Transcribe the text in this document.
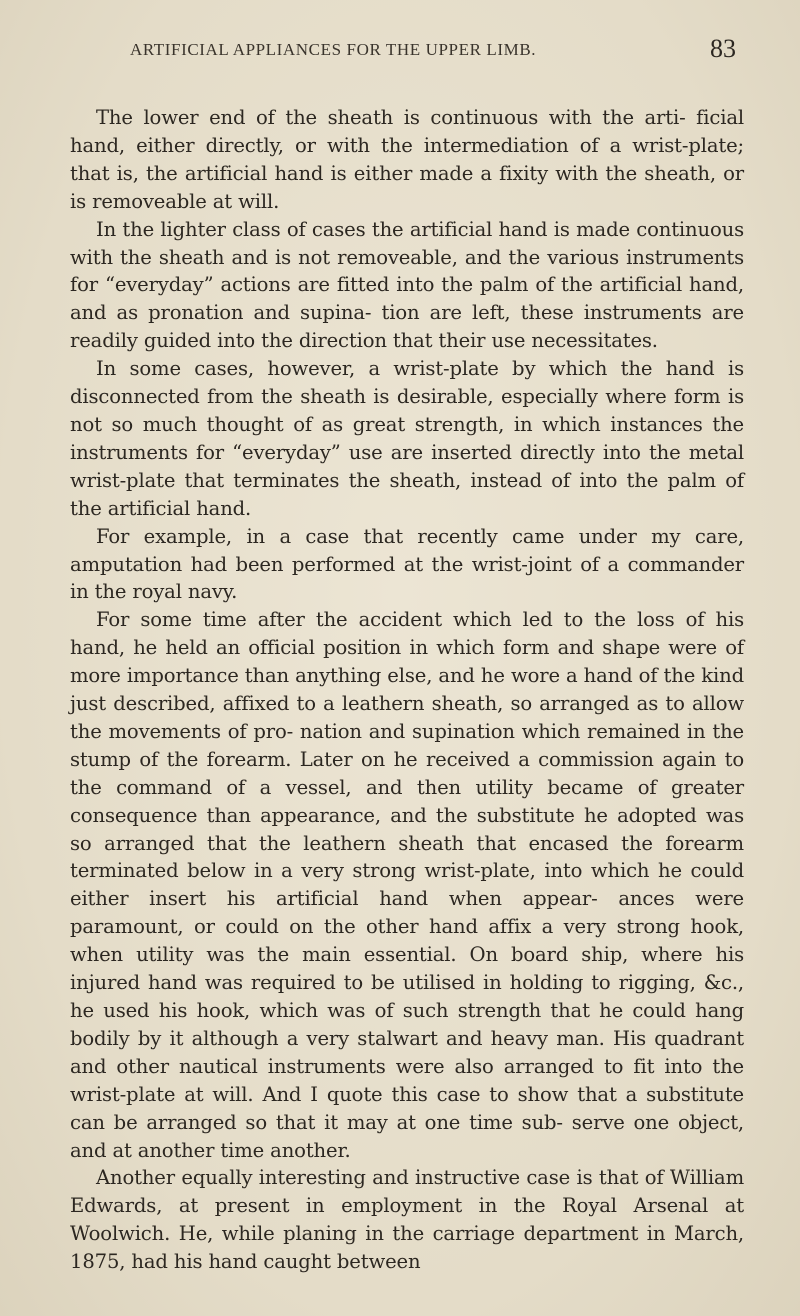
ARTIFICIAL APPLIANCES FOR THE UPPER LIMB.	83

The lower end of the sheath is continuous with the arti- ficial hand, either directly, or with the intermediation of a wrist-plate; that is, the artificial hand is either made a fixity with the sheath, or is removeable at will.

In the lighter class of cases the artificial hand is made continuous with the sheath and is not removeable, and the various instruments for “everyday” actions are fitted into the palm of the artificial hand, and as pronation and supina- tion are left, these instruments are readily guided into the direction that their use necessitates.

In some cases, however, a wrist-plate by which the hand is disconnected from the sheath is desirable, especially where form is not so much thought of as great strength, in which instances the instruments for “everyday” use are inserted directly into the metal wrist-plate that terminates the sheath, instead of into the palm of the artificial hand.

For example, in a case that recently came under my care, amputation had been performed at the wrist-joint of a commander in the royal navy.

For some time after the accident which led to the loss of his hand, he held an official position in which form and shape were of more importance than anything else, and he wore a hand of the kind just described, affixed to a leathern sheath, so arranged as to allow the movements of pro- nation and supination which remained in the stump of the forearm. Later on he received a commission again to the command of a vessel, and then utility became of greater consequence than appearance, and the substitute he adopted was so arranged that the leathern sheath that encased the forearm terminated below in a very strong wrist-plate, into which he could either insert his artificial hand when appear- ances were paramount, or could on the other hand affix a very strong hook, when utility was the main essential. On board ship, where his injured hand was required to be utilised in holding to rigging, &c., he used his hook, which was of such strength that he could hang bodily by it although a very stalwart and heavy man. His quadrant and other nautical instruments were also arranged to fit into the wrist-plate at will. And I quote this case to show that a substitute can be arranged so that it may at one time sub- serve one object, and at another time another.

Another equally interesting and instructive case is that of William Edwards, at present in employment in the Royal Arsenal at Woolwich. He, while planing in the carriage department in March, 1875, had his hand caught between
